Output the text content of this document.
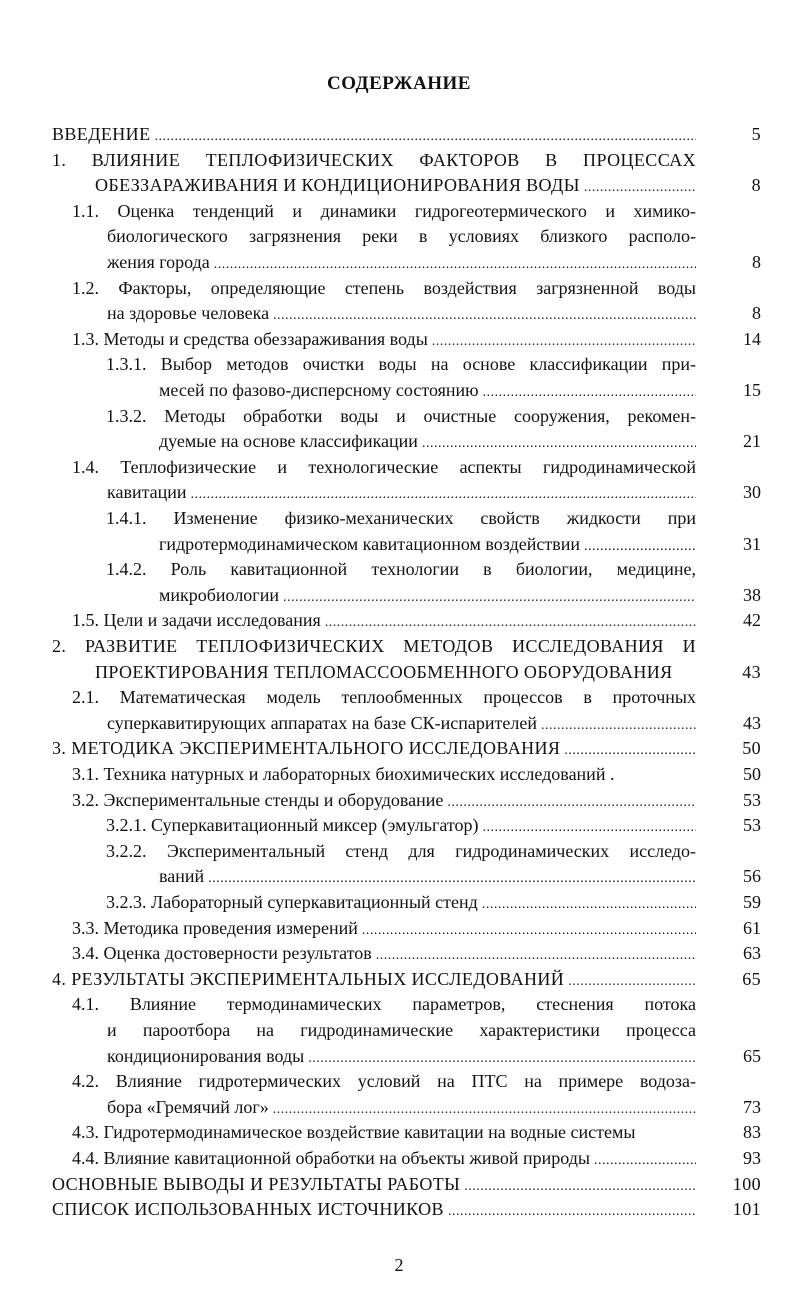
СОДЕРЖАНИЕ
ВВЕДЕНИЕ .....	5
1. ВЛИЯНИЕ ТЕПЛОФИЗИЧЕСКИХ ФАКТОРОВ В ПРОЦЕССАХ
ОБЕЗЗАРАЖИВАНИЯ И КОНДИЦИОНИРОВАНИЯ ВОДЫ .....	8
1.1. Оценка тенденций и динамики гидрогеотермического и химико-
биологического загрязнения реки в условиях близкого располо-
жения города .....	8
1.2. Факторы, определяющие степень воздействия загрязненной воды
на здоровье человека .....	8
1.3. Методы и средства обеззараживания воды .....	14
1.3.1. Выбор методов очистки воды на основе классификации при-
месей по фазово-дисперсному состоянию .....	15
1.3.2. Методы обработки воды и очистные сооружения, рекомен-
дуемые на основе классификации .....	21
1.4. Теплофизические и технологические аспекты гидродинамической
кавитации .....	30
1.4.1. Изменение физико-механических свойств жидкости при
гидротермодинамическом кавитационном воздействии .....	31
1.4.2. Роль кавитационной технологии в биологии, медицине,
микробиологии .....	38
1.5. Цели и задачи исследования .....	42
2. РАЗВИТИЕ ТЕПЛОФИЗИЧЕСКИХ МЕТОДОВ ИССЛЕДОВАНИЯ И
ПРОЕКТИРОВАНИЯ ТЕПЛОМАССООБМЕННОГО ОБОРУДОВАНИЯ	43
2.1. Математическая модель теплообменных процессов в проточных
суперкавитирующих аппаратах на базе СК-испарителей .....	43
3. МЕТОДИКА ЭКСПЕРИМЕНТАЛЬНОГО ИССЛЕДОВАНИЯ .....	50
3.1. Техника натурных и лабораторных биохимических исследований .	50
3.2. Экспериментальные стенды и оборудование .....	53
3.2.1. Суперкавитационный миксер (эмульгатор) .....	53
3.2.2. Экспериментальный стенд для гидродинамических исследо-
ваний .....	56
3.2.3. Лабораторный суперкавитационный стенд .....	59
3.3. Методика проведения измерений .....	61
3.4. Оценка достоверности результатов .....	63
4. РЕЗУЛЬТАТЫ ЭКСПЕРИМЕНТАЛЬНЫХ ИССЛЕДОВАНИЙ .....	65
4.1. Влияние термодинамических параметров, стеснения потока
и пароотбора на гидродинамические характеристики процесса
кондиционирования воды .....	65
4.2. Влияние гидротермических условий на ПТС на примере водоза-
бора «Гремячий лог» .....	73
4.3. Гидротермодинамическое воздействие кавитации на водные системы	83
4.4. Влияние кавитационной обработки на объекты живой природы .....	93
ОСНОВНЫЕ ВЫВОДЫ И РЕЗУЛЬТАТЫ РАБОТЫ .....	100
СПИСОК ИСПОЛЬЗОВАННЫХ ИСТОЧНИКОВ .....	101
2
